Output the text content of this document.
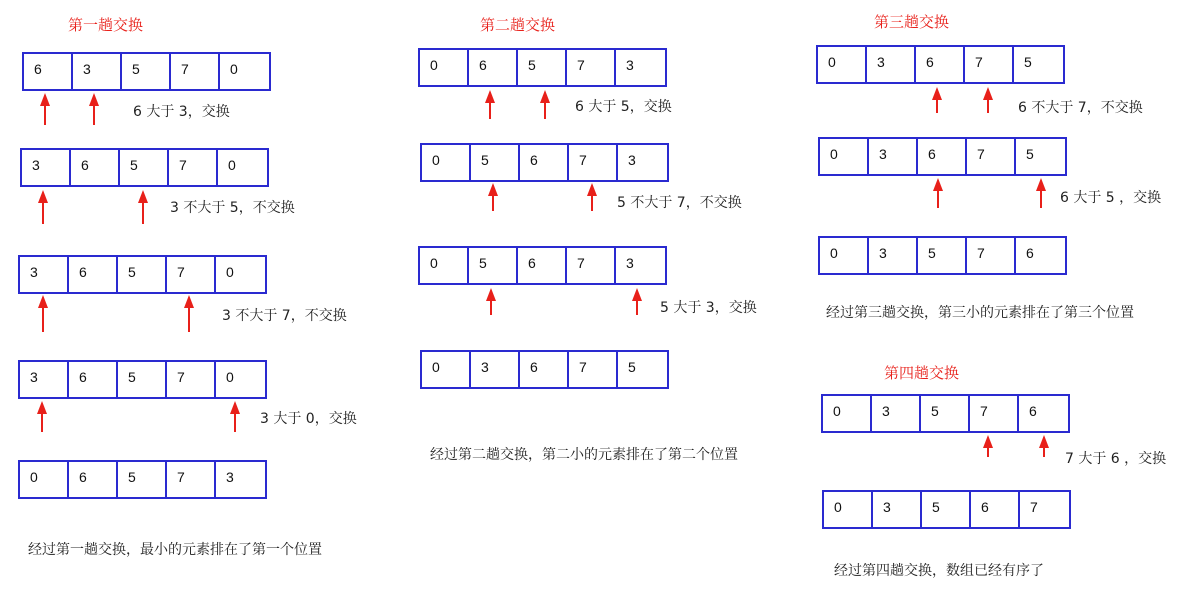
第一趟交换
6	3	5	7	0
6 大于 3，交换
3	6	5	7	0
3 不大于 5，不交换
3	6	5	7	0
3 不大于 7，不交换
3	6	5	7	0
3 大于 0，交换
0	6	5	7	3
经过第一趟交换，最小的元素排在了第一个位置
第二趟交换
0	6	5	7	3
6 大于 5，交换
0	5	6	7	3
5 不大于 7，不交换
0	5	6	7	3
5 大于 3，交换
0	3	6	7	5
经过第二趟交换，第二小的元素排在了第二个位置
第三趟交换
0	3	6	7	5
6 不大于 7，不交换
0	3	6	7	5
6 大于 5 ，交换
0	3	5	7	6
经过第三趟交换，第三小的元素排在了第三个位置
第四趟交换
0	3	5	7	6
7 大于 6 ，交换
0	3	5	6	7
经过第四趟交换，数组已经有序了
